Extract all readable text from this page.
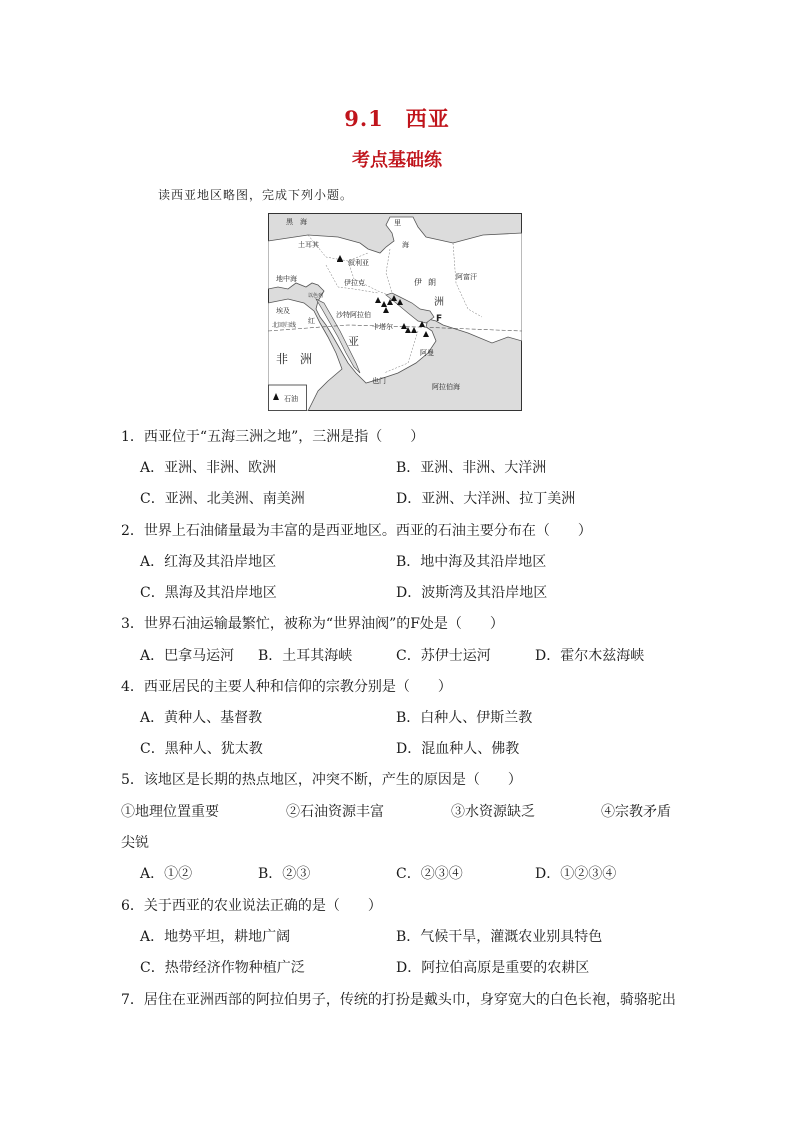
9.1　西亚
考点基础练
读西亚地区略图，完成下列小题。
黑　海	里
海
土耳其
叙利亚
地中海	伊拉克	伊 朗
洲
阿富汗
以色列
埃及
北回归线
红
沙特阿拉伯
卡塔尔
亚
非　洲	阿曼
也门
阿拉伯海
F
石油
1．西亚位于“五海三洲之地”，三洲是指（　　）
A．亚洲、非洲、欧洲	B．亚洲、非洲、大洋洲
C．亚洲、北美洲、南美洲	D．亚洲、大洋洲、拉丁美洲
2．世界上石油储量最为丰富的是西亚地区。西亚的石油主要分布在（　　）
A．红海及其沿岸地区	B．地中海及其沿岸地区
C．黑海及其沿岸地区	D．波斯湾及其沿岸地区
3．世界石油运输最繁忙，被称为“世界油阀”的F处是（　　）
A．巴拿马运河 B．土耳其海峡	C．苏伊士运河	D．霍尔木兹海峡
4．西亚居民的主要人种和信仰的宗教分别是（　　）
A．黄种人、基督教	B．白种人、伊斯兰教
C．黑种人、犹太教	D．混血种人、佛教
5．该地区是长期的热点地区，冲突不断，产生的原因是（　　）
①地理位置重要	②石油资源丰富	③水资源缺乏	④宗教矛盾
尖锐
A．①②	B．②③	C．②③④	D．①②③④
6．关于西亚的农业说法正确的是（　　）
A．地势平坦，耕地广阔	B．气候干旱，灌溉农业别具特色
C．热带经济作物种植广泛	D．阿拉伯高原是重要的农耕区
7．居住在亚洲西部的阿拉伯男子，传统的打扮是戴头巾，身穿宽大的白色长袍，骑骆驼出
